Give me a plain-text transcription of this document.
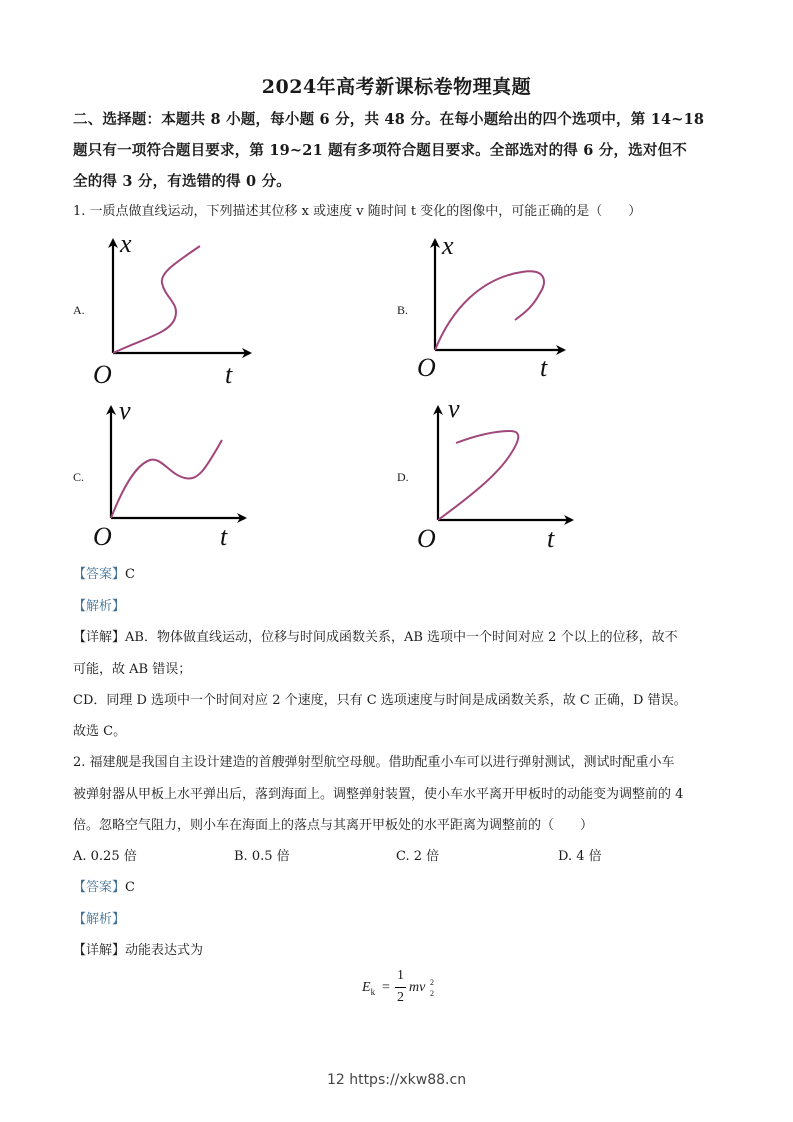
2024年高考新课标卷物理真题
二、选择题：本题共 8 小题，每小题 6 分，共 48 分。在每小题给出的四个选项中，第 14~18
题只有一项符合题目要求，第 19~21 题有多项符合题目要求。全部选对的得 6 分，选对但不
全的得 3 分，有选错的得 0 分。
1. 一质点做直线运动，下列描述其位移 x 或速度 v 随时间 t 变化的图像中，可能正确的是（　　）
A.	B.
C.	D.
x
O	t
x
O	t
v
O	t
v
O	t
【答案】C
【解析】
【详解】AB．物体做直线运动，位移与时间成函数关系，AB 选项中一个时间对应 2 个以上的位移，故不
可能，故 AB 错误；
CD．同理 D 选项中一个时间对应 2 个速度，只有 C 选项速度与时间是成函数关系，故 C 正确，D 错误。
故选 C。
2. 福建舰是我国自主设计建造的首艘弹射型航空母舰。借助配重小车可以进行弹射测试，测试时配重小车
被弹射器从甲板上水平弹出后，落到海面上。调整弹射装置，使小车水平离开甲板时的动能变为调整前的 4
倍。忽略空气阻力，则小车在海面上的落点与其离开甲板处的水平距离为调整前的（　　）
A. 0.25 倍	B. 0.5 倍	C. 2 倍	D. 4 倍
【答案】C
【解析】
【详解】动能表达式为
$E_k$ =
1
2
mv 2
2
12 https://xkw88.cn
